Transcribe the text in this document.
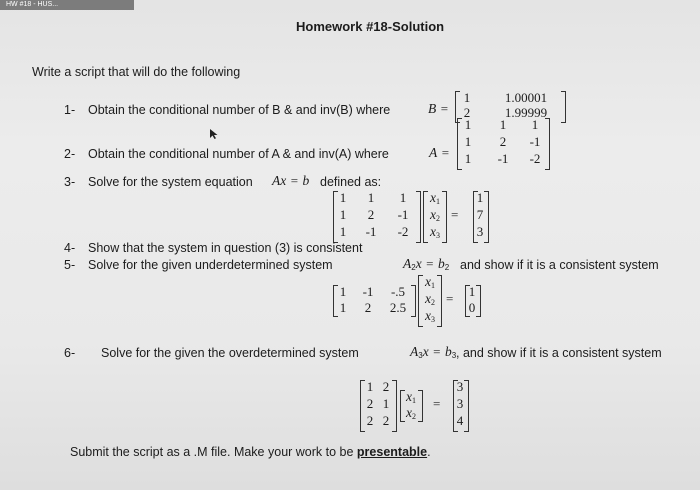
HW #18 - HUS...
Homework #18-Solution
Write a script that will do the following
1- Obtain the conditional number of B & and inv(B) where	B =
1	1.00001
2	1.99999
2- Obtain the conditional number of A & and inv(A) where	A =
1	1	1
1	2	-1
1	-1	-2
3- Solve for the system equation Ax = b defined as:
1	1	1
1	2	-1
1	-1	-2
$x_1$
$x_2$
$x_3$
=
1
7
3
4- Show that the system in question (3) is consistent
5- Solve for the given underdetermined system	$A_2x = b_2$ and show if it is a consistent system
1	-1	-.5
1	2	2.5
$x_1$
$x_2$
$x_3$
= 1
0
6- Solve for the given the overdetermined system	$A_3x = b_3$ , and show if it is a consistent system
1 2
2 1
2 2
$x_1$
$x_2$
=
3
3
4
Submit the script as a .M file. Make your work to be presentable.
